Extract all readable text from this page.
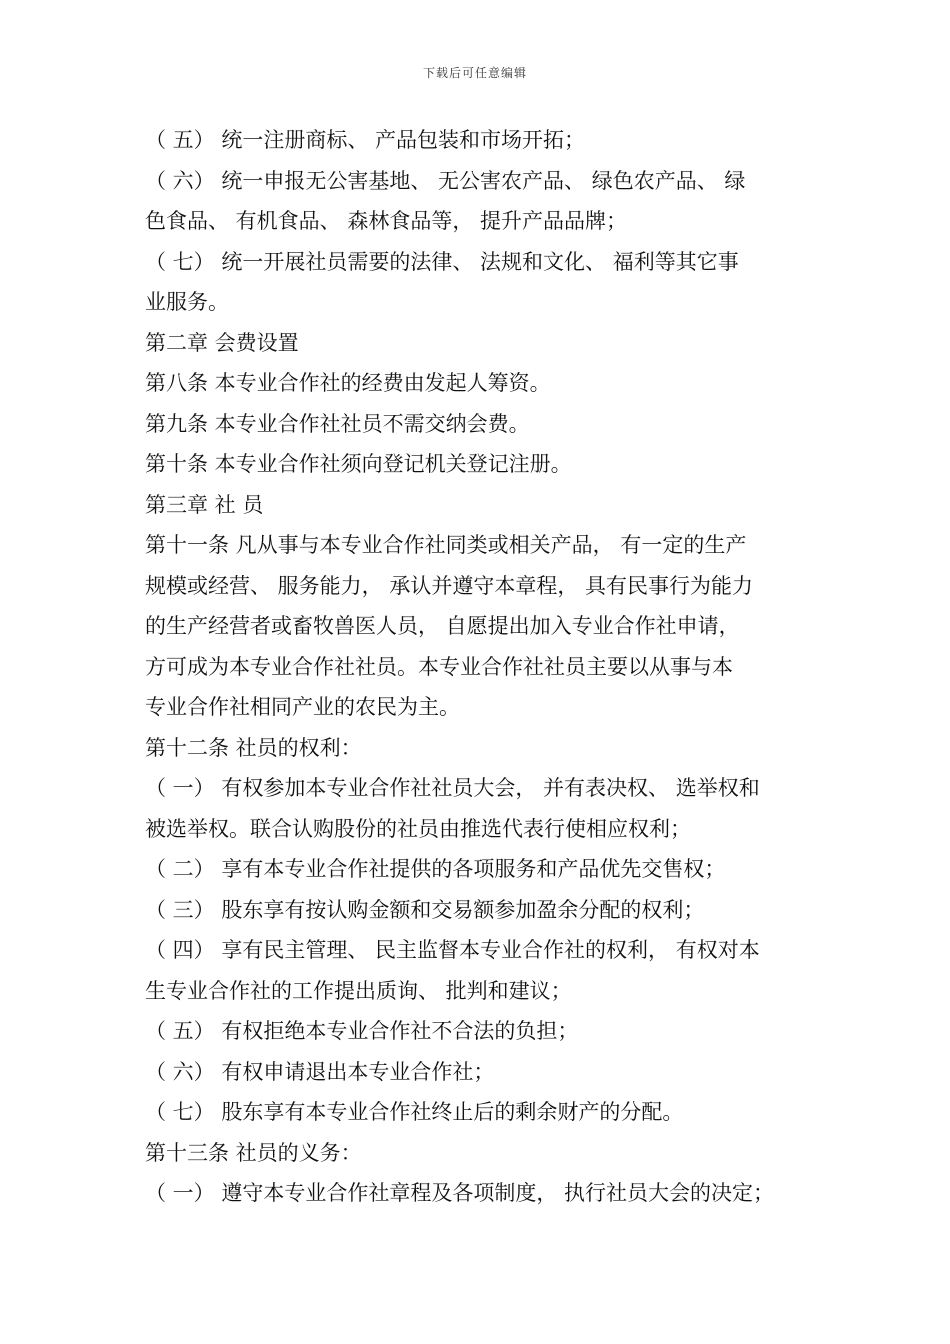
下载后可任意编辑
（ 五） 统一注册商标、 产品包装和市场开拓；
（ 六） 统一申报无公害基地、 无公害农产品、 绿色农产品、 绿
色食品、 有机食品、 森林食品等， 提升产品品牌；
（ 七） 统一开展社员需要的法律、 法规和文化、 福利等其它事
业服务。
第二章 会费设置
第八条 本专业合作社的经费由发起人筹资。
第九条 本专业合作社社员不需交纳会费。
第十条 本专业合作社须向登记机关登记注册。
第三章 社 员
第十一条 凡从事与本专业合作社同类或相关产品， 有一定的生产
规模或经营、 服务能力， 承认并遵守本章程， 具有民事行为能力
的生产经营者或畜牧兽医人员， 自愿提出加入专业合作社申请，
方可成为本专业合作社社员。本专业合作社社员主要以从事与本
专业合作社相同产业的农民为主。
第十二条 社员的权利：
（ 一） 有权参加本专业合作社社员大会， 并有表决权、 选举权和
被选举权。联合认购股份的社员由推选代表行使相应权利；
（ 二） 享有本专业合作社提供的各项服务和产品优先交售权；
（ 三） 股东享有按认购金额和交易额参加盈余分配的权利；
（ 四） 享有民主管理、 民主监督本专业合作社的权利， 有权对本
生专业合作社的工作提出质询、 批判和建议；
（ 五） 有权拒绝本专业合作社不合法的负担；
（ 六） 有权申请退出本专业合作社；
（ 七） 股东享有本专业合作社终止后的剩余财产的分配。
第十三条 社员的义务：
（ 一） 遵守本专业合作社章程及各项制度， 执行社员大会的决定；
